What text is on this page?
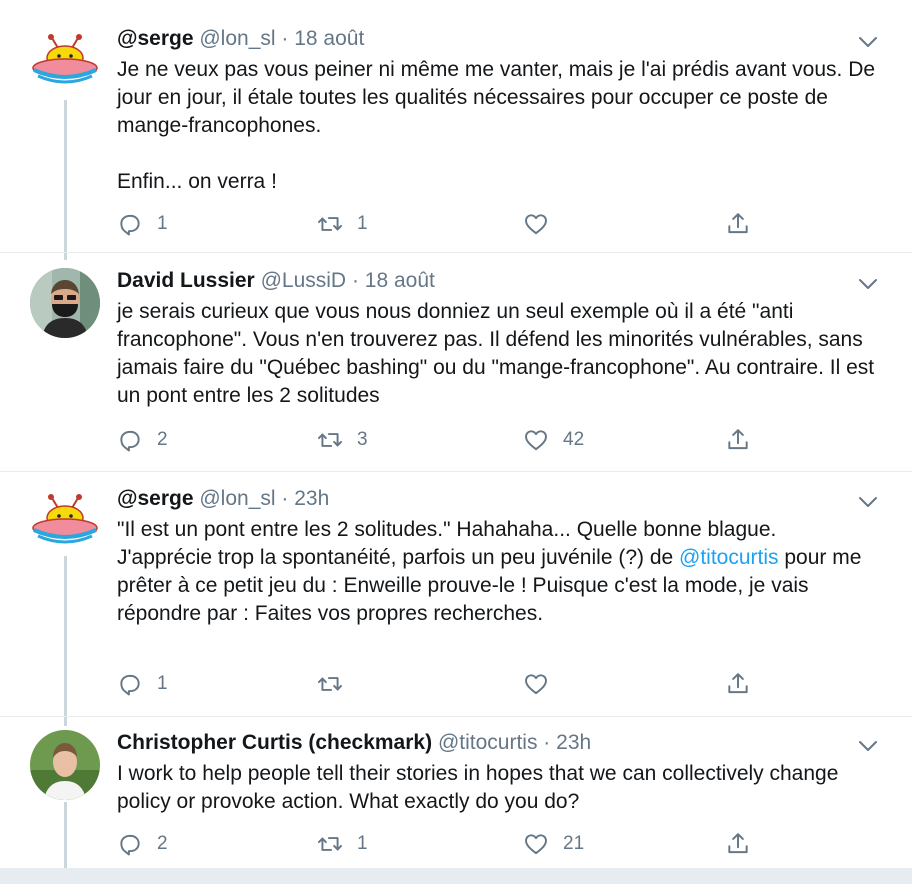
@serge @lon_sl · 18 août
Je ne veux pas vous peiner ni même me vanter, mais je l'ai prédis avant vous. De jour en jour, il étale toutes les qualités nécessaires pour occuper ce poste de mange-francophones.

Enfin... on verra !
1	1
David Lussier @LussiD · 18 août
je serais curieux que vous nous donniez un seul exemple où il a été "anti francophone". Vous n'en trouverez pas. Il défend les minorités vulnérables, sans jamais faire du "Québec bashing" ou du "mange-francophone". Au contraire. Il est un pont entre les 2 solitudes
2	3	42
@serge @lon_sl · 23h
"Il est un pont entre les 2 solitudes." Hahahaha... Quelle bonne blague. J'apprécie trop la spontanéité, parfois un peu juvénile (?) de @titocurtis pour me prêter à ce petit jeu du : Enweille prouve-le ! Puisque c'est la mode, je vais répondre par : Faites vos propres recherches.
1
Christopher Curtis (checkmark) @titocurtis · 23h
I work to help people tell their stories in hopes that we can collectively change policy or provoke action. What exactly do you do?
2	1	21
